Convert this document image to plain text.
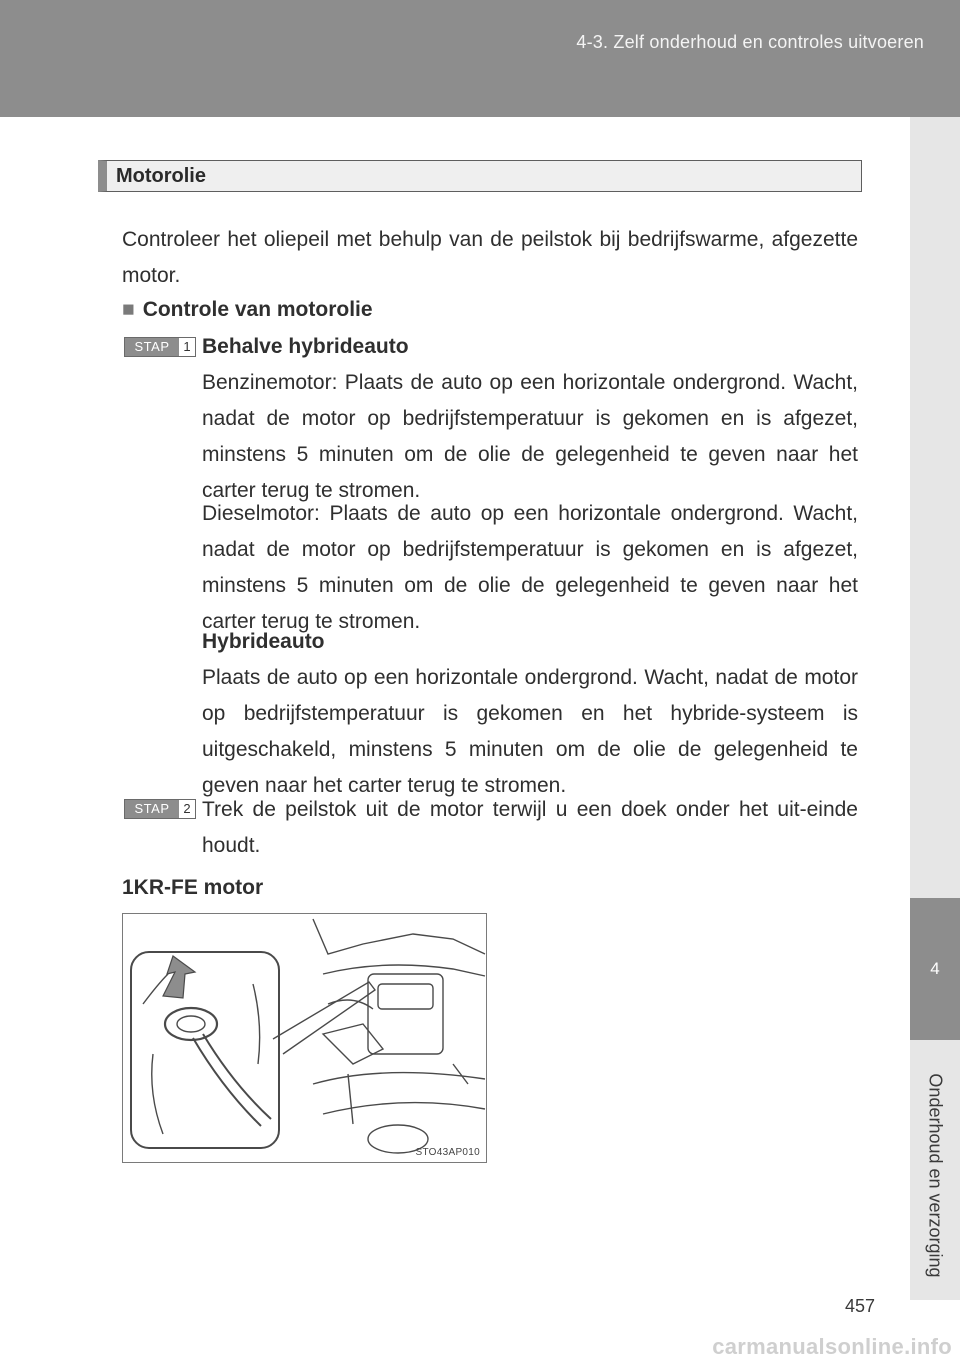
4-3. Zelf onderhoud en controles uitvoeren
4
Onderhoud en verzorging
Motorolie
Controleer het oliepeil met behulp van de peilstok bij bedrijfswarme, afgezette motor.
■ Controle van motorolie
STAP	1 Behalve hybrideauto

Benzinemotor: Plaats de auto op een horizontale ondergrond. Wacht, nadat de motor op bedrijfstemperatuur is gekomen en is afgezet, minstens 5 minuten om de olie de gelegenheid te geven naar het carter terug te stromen.

Dieselmotor: Plaats de auto op een horizontale ondergrond. Wacht, nadat de motor op bedrijfstemperatuur is gekomen en is afgezet, minstens 5 minuten om de olie de gelegenheid te geven naar het carter terug te stromen.

Hybrideauto

Plaats de auto op een horizontale ondergrond. Wacht, nadat de motor op bedrijfstemperatuur is gekomen en het hybride-systeem is uitgeschakeld, minstens 5 minuten om de olie de gelegenheid te geven naar het carter terug te stromen.

STAP	2 Trek de peilstok uit de motor terwijl u een doek onder het uit-einde houdt.

1KR-FE motor
STO43AP010
457
carmanualsonline.info
